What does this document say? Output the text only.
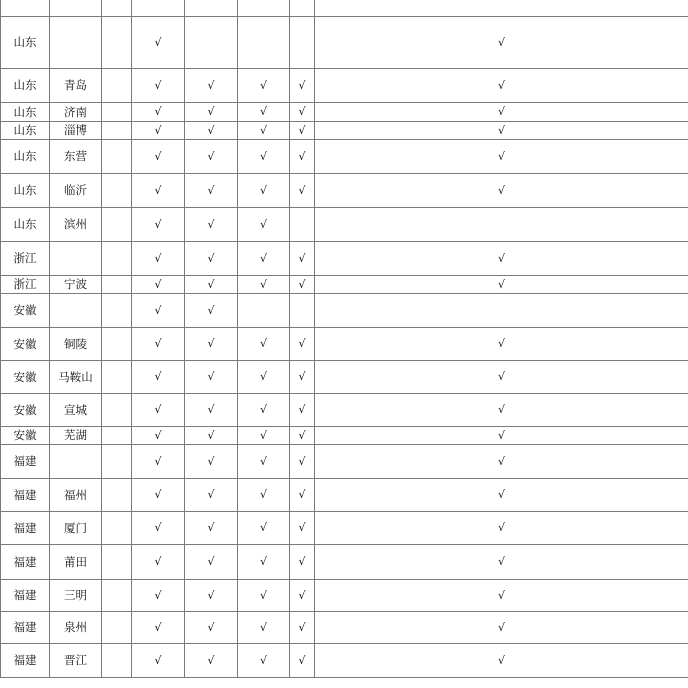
山东			√				√	
山东	青岛		√	√	√	√	√	
山东	济南		√	√	√	√	√	
山东	淄博		√	√	√	√	√	
山东	东营		√	√	√	√	√	
山东	临沂		√	√	√	√	√	
山东	滨州		√	√	√			
浙江			√	√	√	√	√	
浙江	宁波		√	√	√	√	√	
安徽			√	√				
安徽	铜陵		√	√	√	√	√	
安徽	马鞍山		√	√	√	√	√	
安徽	宣城		√	√	√	√	√	
安徽	芜湖		√	√	√	√	√	
福建			√	√	√	√	√	
福建	福州		√	√	√	√	√	
福建	厦门		√	√	√	√	√	
福建	莆田		√	√	√	√	√	
福建	三明		√	√	√	√	√	
福建	泉州		√	√	√	√	√	
福建	晋江		√	√	√	√	√	
